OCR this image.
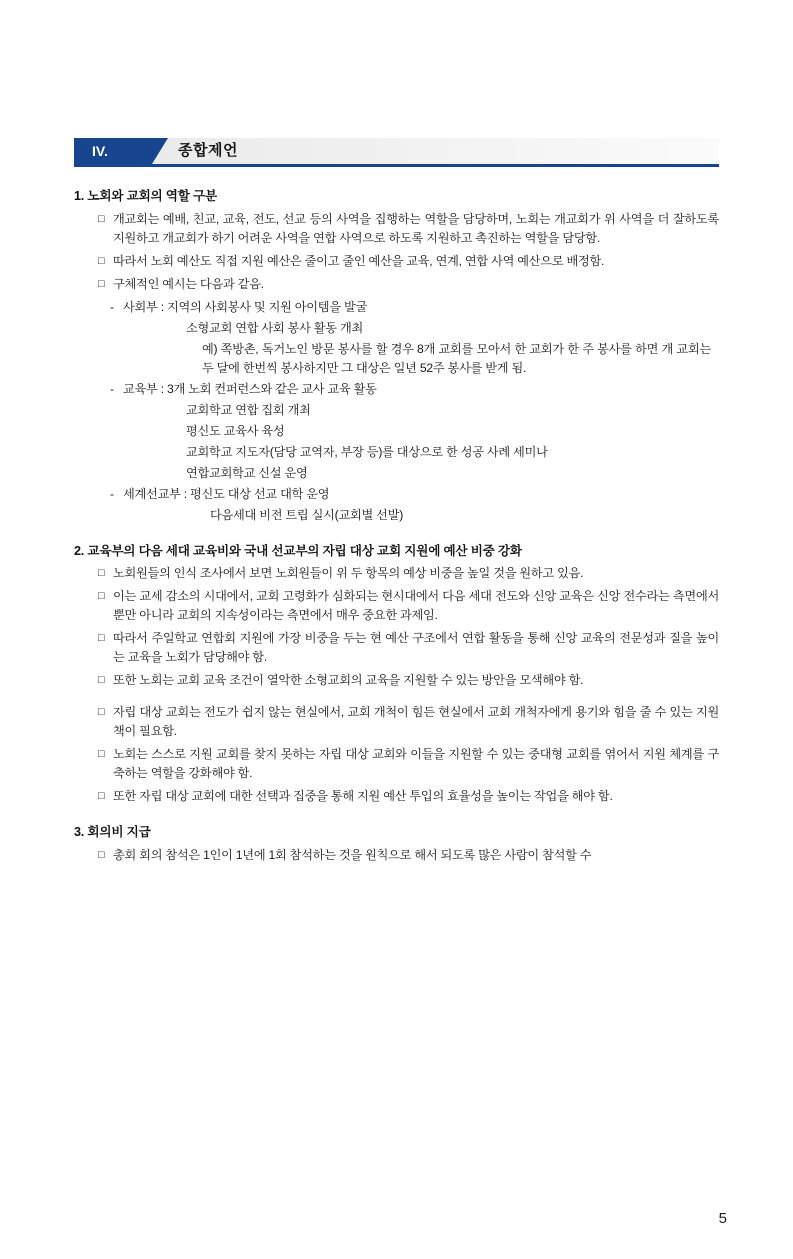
IV.	종합제언
1. 노회와 교회의 역할 구분
□ 개교회는 예배, 친교, 교육, 전도, 선교 등의 사역을 집행하는 역할을 담당하며, 노회는 개교회가 위 사역을 더 잘하도록 지원하고 개교회가 하기 어려운 사역을 연합 사역으로 하도록 지원하고 촉진하는 역할을 담당함.
□ 따라서 노회 예산도 직접 지원 예산은 줄이고 줄인 예산을 교육, 연계, 연합 사역 예산으로 배정함.
□ 구체적인 예시는 다음과 같음.
- 사회부 : 지역의 사회봉사 및 지원 아이템을 발굴
소형교회 연합 사회 봉사 활동 개최
예) 쪽방촌, 독거노인 방문 봉사를 할 경우 8개 교회를 모아서 한 교회가 한 주 봉사를 하면 개 교회는 두 달에 한번씩 봉사하지만 그 대상은 일년 52주 봉사를 받게 됨.
- 교육부 : 3개 노회 컨퍼런스와 같은 교사 교육 활동
교회학교 연합 집회 개최
평신도 교육사 육성
교회학교 지도자(담당 교역자, 부장 등)를 대상으로 한 성공 사례 세미나
연합교회학교 신설 운영
- 세계선교부 : 평신도 대상 선교 대학 운영
다음세대 비전 트립 실시(교회별 선발)
2. 교육부의 다음 세대 교육비와 국내 선교부의 자립 대상 교회 지원에 예산 비중 강화
□ 노회원들의 인식 조사에서 보면 노회원들이 위 두 항목의 예상 비중을 높일 것을 원하고 있음.
□ 이는 교세 감소의 시대에서, 교회 고령화가 심화되는 현시대에서 다음 세대 전도와 신앙 교육은 신앙 전수라는 측면에서뿐만 아니라 교회의 지속성이라는 측면에서 매우 중요한 과제임.
□ 따라서 주일학교 연합회 지원에 가장 비중을 두는 현 예산 구조에서 연합 활동을 통해 신앙 교육의 전문성과 질을 높이는 교육을 노회가 담당해야 함.
□ 또한 노회는 교회 교육 조건이 열악한 소형교회의 교육을 지원할 수 있는 방안을 모색해야 함.
□ 자립 대상 교회는 전도가 쉽지 않는 현실에서, 교회 개척이 힘든 현실에서 교회 개척자에게 용기와 힘을 줄 수 있는 지원책이 필요함.
□ 노회는 스스로 지원 교회를 찾지 못하는 자립 대상 교회와 이들을 지원할 수 있는 중대형 교회를 엮어서 지원 체계를 구축하는 역할을 강화해야 함.
□ 또한 자립 대상 교회에 대한 선택과 집중을 통해 지원 예산 투입의 효율성을 높이는 작업을 해야 함.
3. 회의비 지급
□ 총회 회의 참석은 1인이 1년에 1회 참석하는 것을 원칙으로 해서 되도록 많은 사람이 참석할 수
5
